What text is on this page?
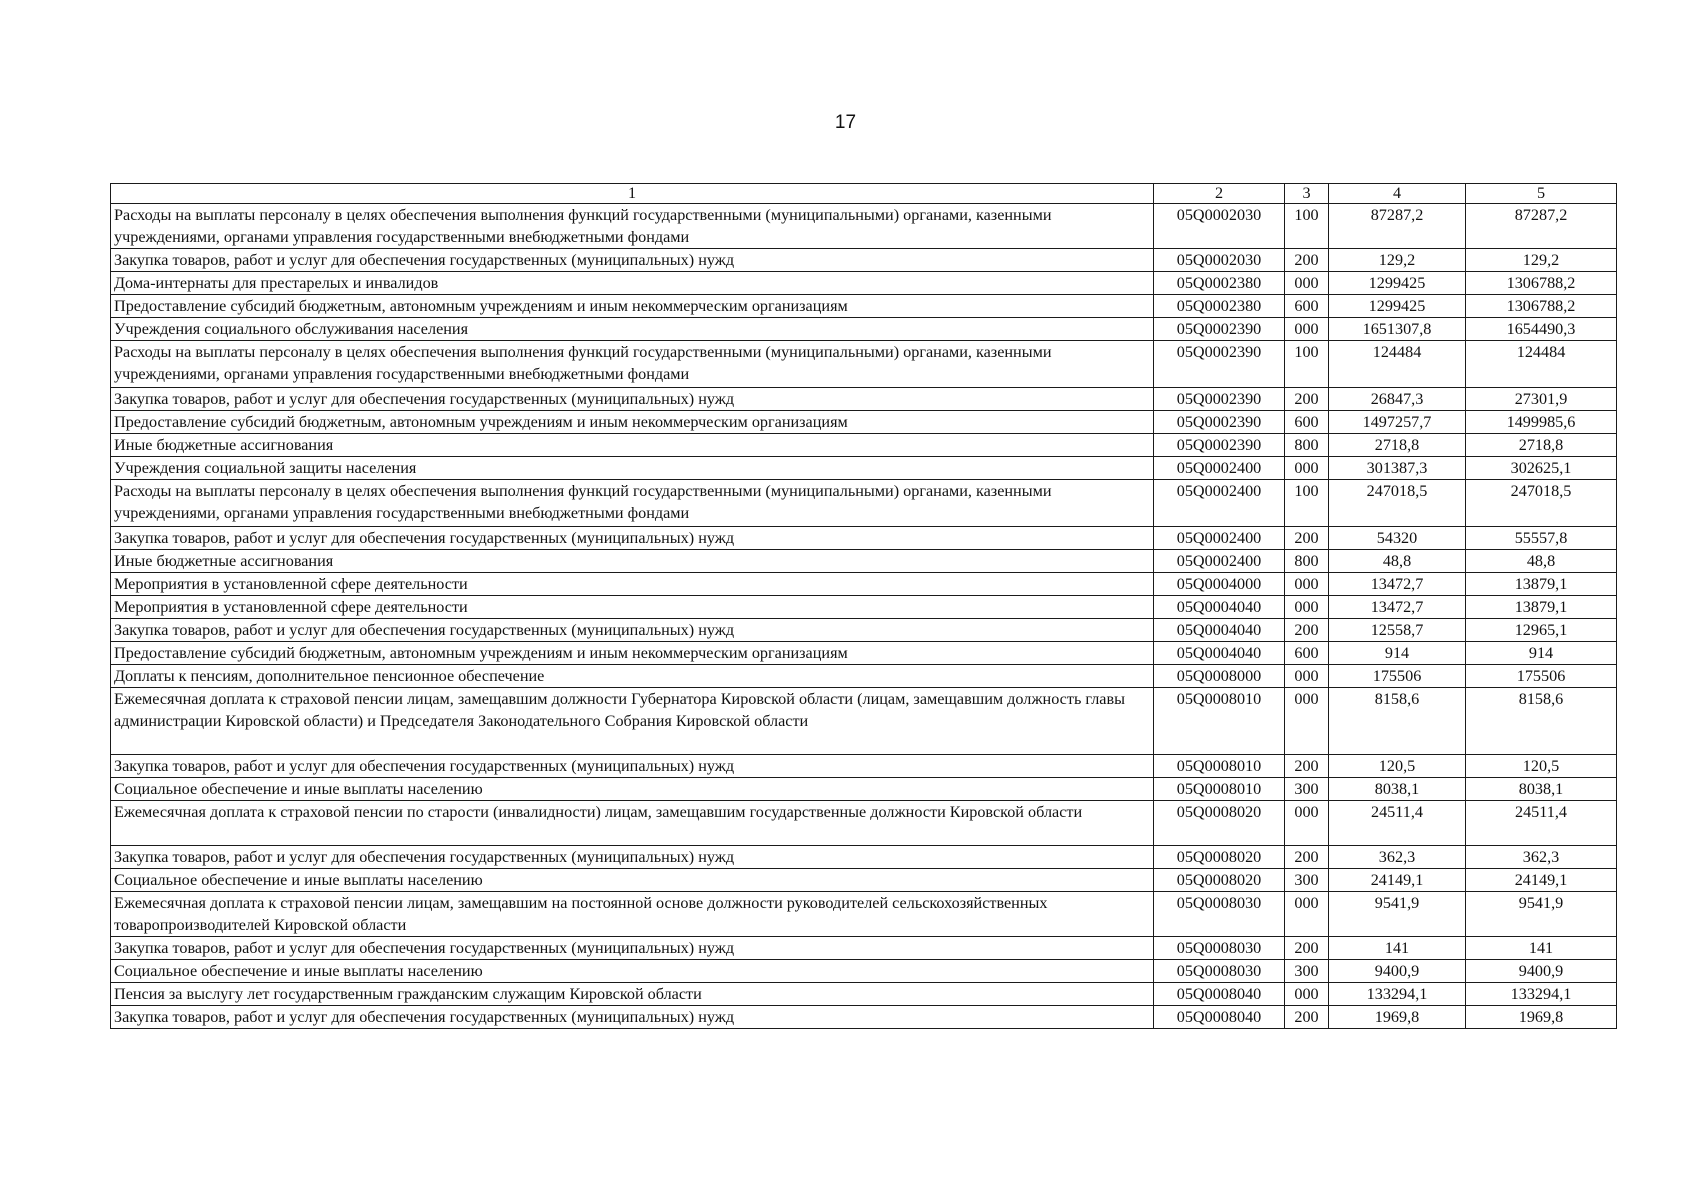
17
1	2	3	4	5
Расходы на выплаты персоналу в целях обеспечения выполнения функций государственными (муниципальными) органами, казенными учреждениями, органами управления государственными внебюджетными фондами	05Q0002030	100	87287,2	87287,2
Закупка товаров, работ и услуг для обеспечения государственных (муниципальных) нужд	05Q0002030	200	129,2	129,2
Дома-интернаты для престарелых и инвалидов	05Q0002380	000	1299425	1306788,2
Предоставление субсидий бюджетным, автономным учреждениям и иным некоммерческим организациям	05Q0002380	600	1299425	1306788,2
Учреждения социального обслуживания населения	05Q0002390	000	1651307,8	1654490,3
Расходы на выплаты персоналу в целях обеспечения выполнения функций государственными (муниципальными) органами, казенными учреждениями, органами управления государственными внебюджетными фондами	05Q0002390	100	124484	124484
Закупка товаров, работ и услуг для обеспечения государственных (муниципальных) нужд	05Q0002390	200	26847,3	27301,9
Предоставление субсидий бюджетным, автономным учреждениям и иным некоммерческим организациям	05Q0002390	600	1497257,7	1499985,6
Иные бюджетные ассигнования	05Q0002390	800	2718,8	2718,8
Учреждения социальной защиты населения	05Q0002400	000	301387,3	302625,1
Расходы на выплаты персоналу в целях обеспечения выполнения функций государственными (муниципальными) органами, казенными учреждениями, органами управления государственными внебюджетными фондами	05Q0002400	100	247018,5	247018,5
Закупка товаров, работ и услуг для обеспечения государственных (муниципальных) нужд	05Q0002400	200	54320	55557,8
Иные бюджетные ассигнования	05Q0002400	800	48,8	48,8
Мероприятия в установленной сфере деятельности	05Q0004000	000	13472,7	13879,1
Мероприятия в установленной сфере деятельности	05Q0004040	000	13472,7	13879,1
Закупка товаров, работ и услуг для обеспечения государственных (муниципальных) нужд	05Q0004040	200	12558,7	12965,1
Предоставление субсидий бюджетным, автономным учреждениям и иным некоммерческим организациям	05Q0004040	600	914	914
Доплаты к пенсиям, дополнительное пенсионное обеспечение	05Q0008000	000	175506	175506
Ежемесячная доплата к страховой пенсии лицам, замещавшим должности Губернатора Кировской области (лицам, замещавшим должность главы администрации Кировской области) и Председателя Законодательного Собрания Кировской области	05Q0008010	000	8158,6	8158,6
Закупка товаров, работ и услуг для обеспечения государственных (муниципальных) нужд	05Q0008010	200	120,5	120,5
Социальное обеспечение и иные выплаты населению	05Q0008010	300	8038,1	8038,1
Ежемесячная доплата к страховой пенсии по старости (инвалидности) лицам, замещавшим государственные должности Кировской области	05Q0008020	000	24511,4	24511,4
Закупка товаров, работ и услуг для обеспечения государственных (муниципальных) нужд	05Q0008020	200	362,3	362,3
Социальное обеспечение и иные выплаты населению	05Q0008020	300	24149,1	24149,1
Ежемесячная доплата к страховой пенсии лицам, замещавшим на постоянной основе должности руководителей сельскохозяйственных товаропроизводителей Кировской области	05Q0008030	000	9541,9	9541,9
Закупка товаров, работ и услуг для обеспечения государственных (муниципальных) нужд	05Q0008030	200	141	141
Социальное обеспечение и иные выплаты населению	05Q0008030	300	9400,9	9400,9
Пенсия за выслугу лет государственным гражданским служащим Кировской области	05Q0008040	000	133294,1	133294,1
Закупка товаров, работ и услуг для обеспечения государственных (муниципальных) нужд	05Q0008040	200	1969,8	1969,8
